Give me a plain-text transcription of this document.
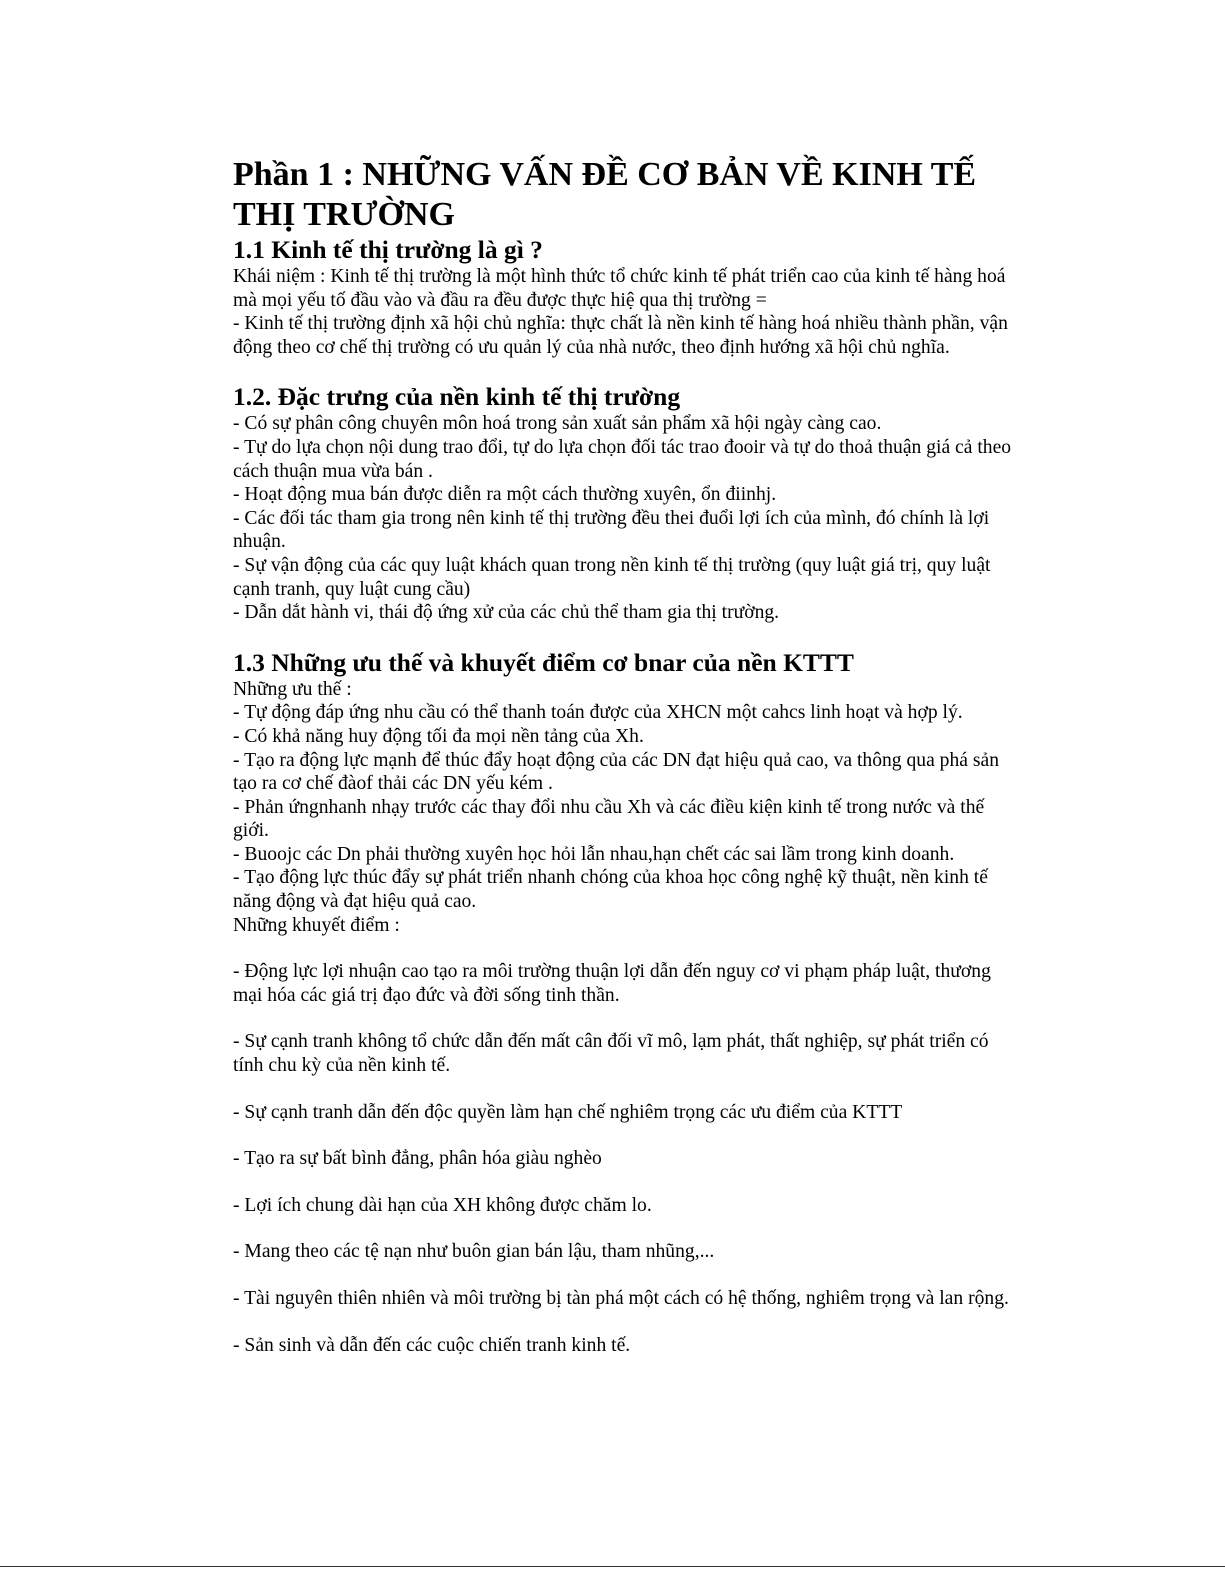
Phần 1 : NHỮNG VẤN ĐỀ CƠ BẢN VỀ KINH TẾ THỊ TRƯỜNG
1.1 Kinh tế thị trường là gì ?

Khái niệm : Kinh tế thị trường là một hình thức tổ chức kinh tế phát triển cao của kinh tế hàng hoá mà mọi yếu tố đầu vào và đầu ra đều được thực hiệ qua thị trường =

- Kinh tế thị trường định xã hội chủ nghĩa: thực chất là nền kinh tế hàng hoá nhiều thành phần, vận động theo cơ chế thị trường có ưu quản lý của nhà nước, theo định hướng xã hội chủ nghĩa.

1.2. Đặc trưng của nền kinh tế thị trường

- Có sự phân công chuyên môn hoá trong sản xuất sản phẩm xã hội ngày càng cao.

- Tự do lựa chọn nội dung trao đổi, tự do lựa chọn đối tác trao đooir và tự do thoả thuận giá cả theo cách thuận mua vừa bán .

- Hoạt động mua bán được diễn ra một cách thường xuyên, ổn điinhj.

- Các đối tác tham gia trong nên kinh tế thị trường đều thei đuổi lợi ích của mình, đó chính là lợi nhuận.

- Sự vận động của các quy luật khách quan trong nền kinh tế thị trường (quy luật giá trị, quy luật cạnh tranh, quy luật cung cầu)

- Dẫn dắt hành vi, thái độ ứng xử của các chủ thể tham gia thị trường.

1.3 Những ưu thế và khuyết điểm cơ bnar của nền KTTT

Những ưu thế :

- Tự động đáp ứng nhu cầu có thể thanh toán được của XHCN một cahcs linh hoạt và hợp lý.

- Có khả năng huy động tối đa mọi nền tảng của Xh.

- Tạo ra động lực mạnh để thúc đẩy hoạt động của các DN đạt hiệu quả cao, va thông qua phá sản tạo ra cơ chế đàof thải các DN yếu kém .

- Phản ứngnhanh nhạy trước các thay đổi nhu cầu Xh và các điều kiện kinh tế trong nước và thế giới.

- Buoojc các Dn phải thường xuyên học hỏi lẫn nhau,hạn chết các sai lầm trong kinh doanh.

- Tạo động lực thúc đẩy sự phát triển nhanh chóng của khoa học công nghệ kỹ thuật, nền kinh tế năng động và đạt hiệu quả cao.

Những khuyết điểm :

- Động lực lợi nhuận cao tạo ra môi trường thuận lợi dẫn đến nguy cơ vi phạm pháp luật, thương mại hóa các giá trị đạo đức và đời sống tinh thần.

- Sự cạnh tranh không tổ chức dẫn đến mất cân đối vĩ mô, lạm phát, thất nghiệp, sự phát triển có tính chu kỳ của nền kinh tế.

- Sự cạnh tranh dẫn đến độc quyền làm hạn chế nghiêm trọng các ưu điểm của KTTT

- Tạo ra sự bất bình đẳng, phân hóa giàu nghèo

- Lợi ích chung dài hạn của XH không được chăm lo.

- Mang theo các tệ nạn như buôn gian bán lậu, tham nhũng,...

- Tài nguyên thiên nhiên và môi trường bị tàn phá một cách có hệ thống, nghiêm trọng và lan rộng.

- Sản sinh và dẫn đến các cuộc chiến tranh kinh tế.
